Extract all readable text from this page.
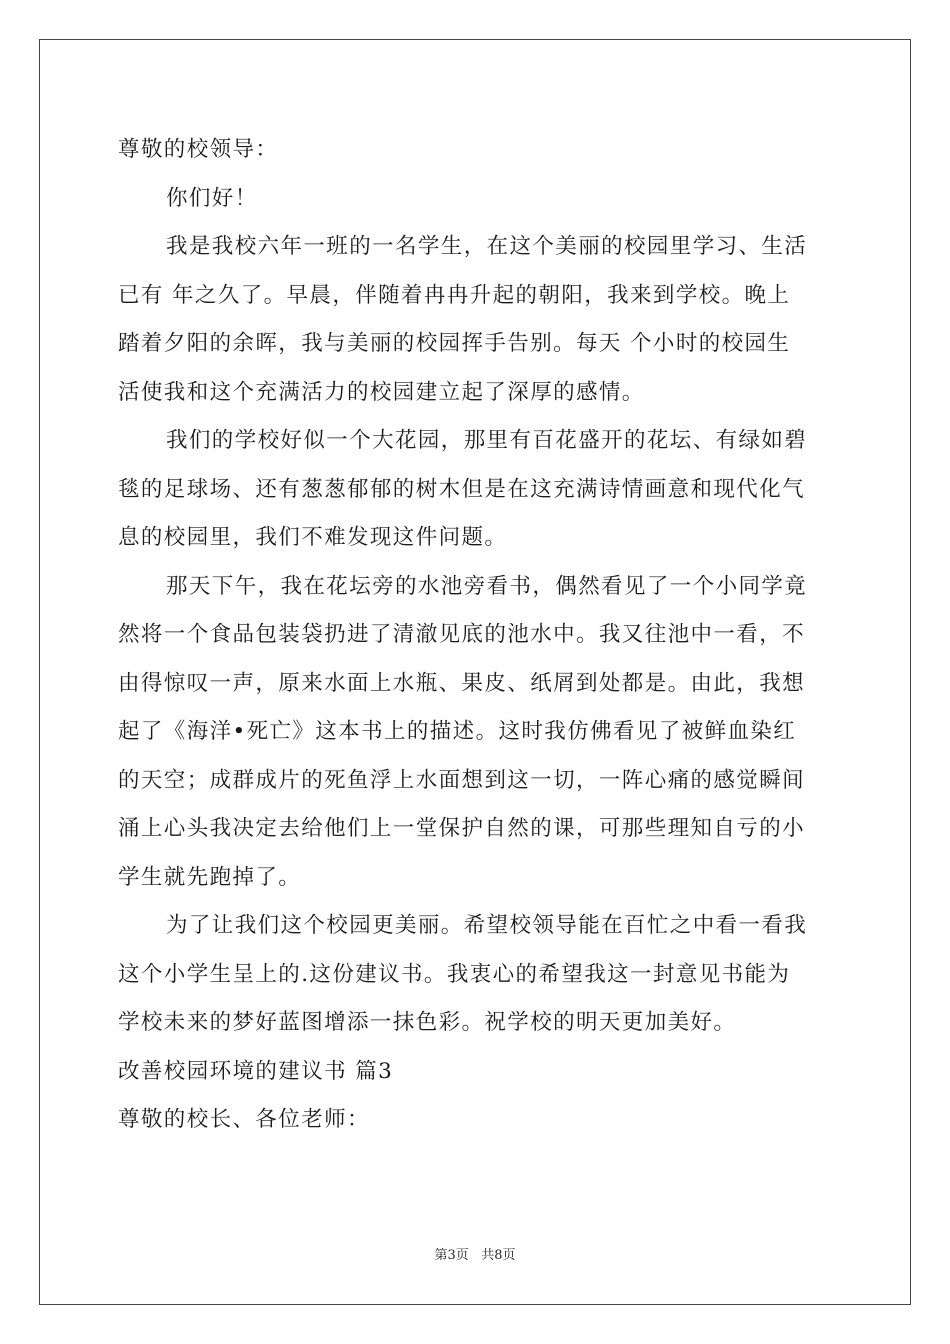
尊敬的校领导：
你们好！
我是我校六年一班的一名学生，在这个美丽的校园里学习、生活
已有 年之久了。早晨，伴随着冉冉升起的朝阳，我来到学校。晚上
踏着夕阳的余晖，我与美丽的校园挥手告别。每天 个小时的校园生
活使我和这个充满活力的校园建立起了深厚的感情。
我们的学校好似一个大花园，那里有百花盛开的花坛、有绿如碧
毯的足球场、还有葱葱郁郁的树木但是在这充满诗情画意和现代化气
息的校园里，我们不难发现这件问题。
那天下午，我在花坛旁的水池旁看书，偶然看见了一个小同学竟
然将一个食品包装袋扔进了清澈见底的池水中。我又往池中一看，不
由得惊叹一声，原来水面上水瓶、果皮、纸屑到处都是。由此，我想
起了《海洋•死亡》这本书上的描述。这时我仿佛看见了被鲜血染红
的天空；成群成片的死鱼浮上水面想到这一切，一阵心痛的感觉瞬间
涌上心头我决定去给他们上一堂保护自然的课，可那些理知自亏的小
学生就先跑掉了。
为了让我们这个校园更美丽。希望校领导能在百忙之中看一看我
这个小学生呈上的.这份建议书。我衷心的希望我这一封意见书能为
学校未来的梦好蓝图增添一抹色彩。祝学校的明天更加美好。
改善校园环境的建议书 篇3
尊敬的校长、各位老师：
第3页 共8页
